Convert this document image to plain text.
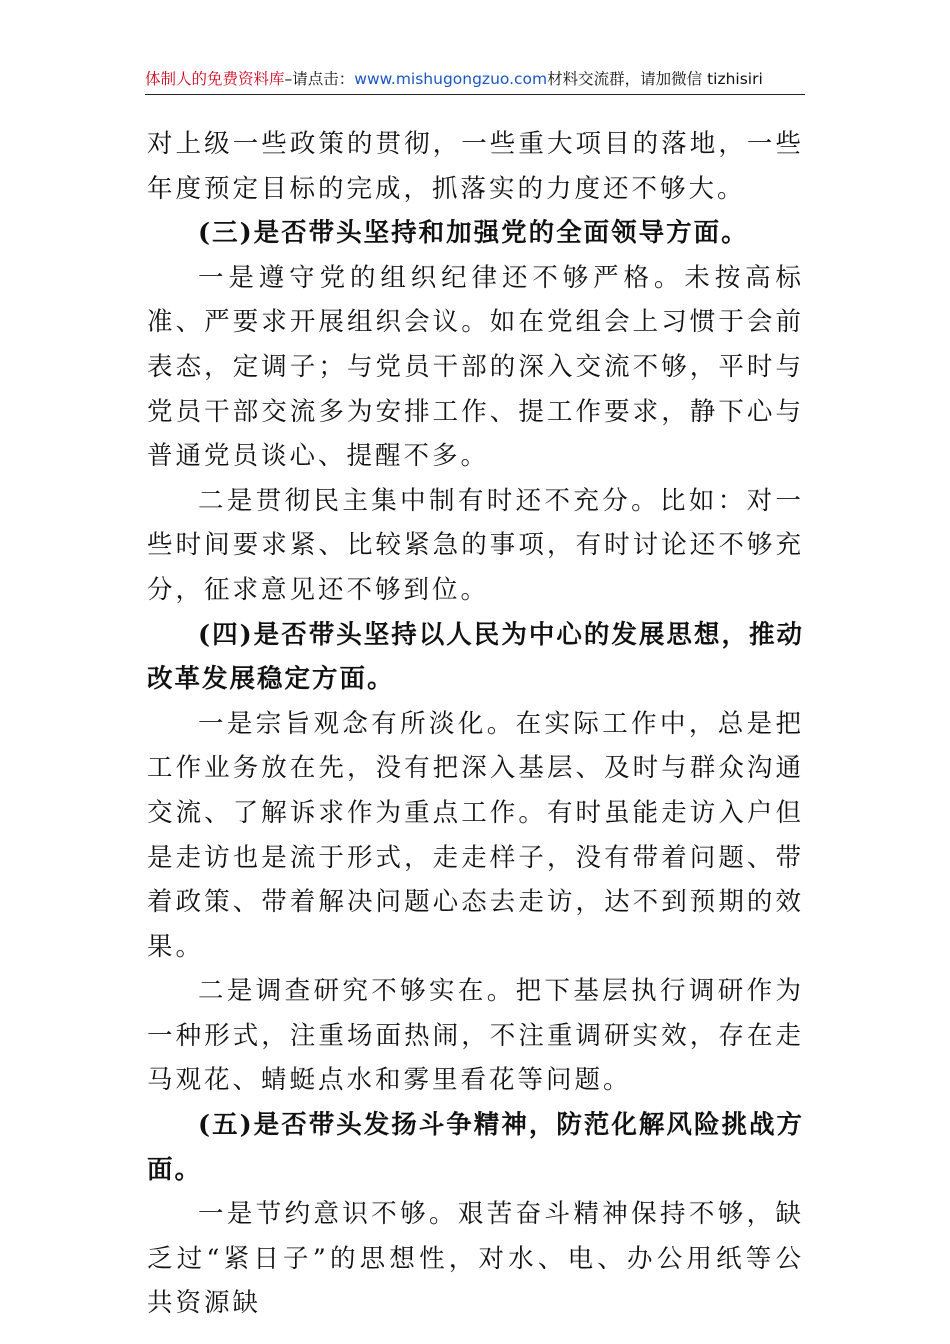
体制人的免费资料库–请点击：www.mishugongzuo.com材料交流群，请加微信 tizhisiri

对上级一些政策的贯彻，一些重大项目的落地，一些年度预定目标的完成，抓落实的力度还不够大。

(三)是否带头坚持和加强党的全面领导方面。

一是遵守党的组织纪律还不够严格。未按高标准、严要求开展组织会议。如在党组会上习惯于会前表态，定调子；与党员干部的深入交流不够，平时与党员干部交流多为安排工作、提工作要求，静下心与普通党员谈心、提醒不多。

二是贯彻民主集中制有时还不充分。比如：对一些时间要求紧、比较紧急的事项，有时讨论还不够充分，征求意见还不够到位。

(四)是否带头坚持以人民为中心的发展思想，推动改革发展稳定方面。

一是宗旨观念有所淡化。在实际工作中，总是把工作业务放在先，没有把深入基层、及时与群众沟通交流、了解诉求作为重点工作。有时虽能走访入户但是走访也是流于形式，走走样子，没有带着问题、带着政策、带着解决问题心态去走访，达不到预期的效果。

二是调查研究不够实在。把下基层执行调研作为一种形式，注重场面热闹，不注重调研实效，存在走马观花、蜻蜓点水和雾里看花等问题。

(五)是否带头发扬斗争精神，防范化解风险挑战方面。

一是节约意识不够。艰苦奋斗精神保持不够，缺乏过“紧日子”的思想性，对水、电、办公用纸等公共资源缺
